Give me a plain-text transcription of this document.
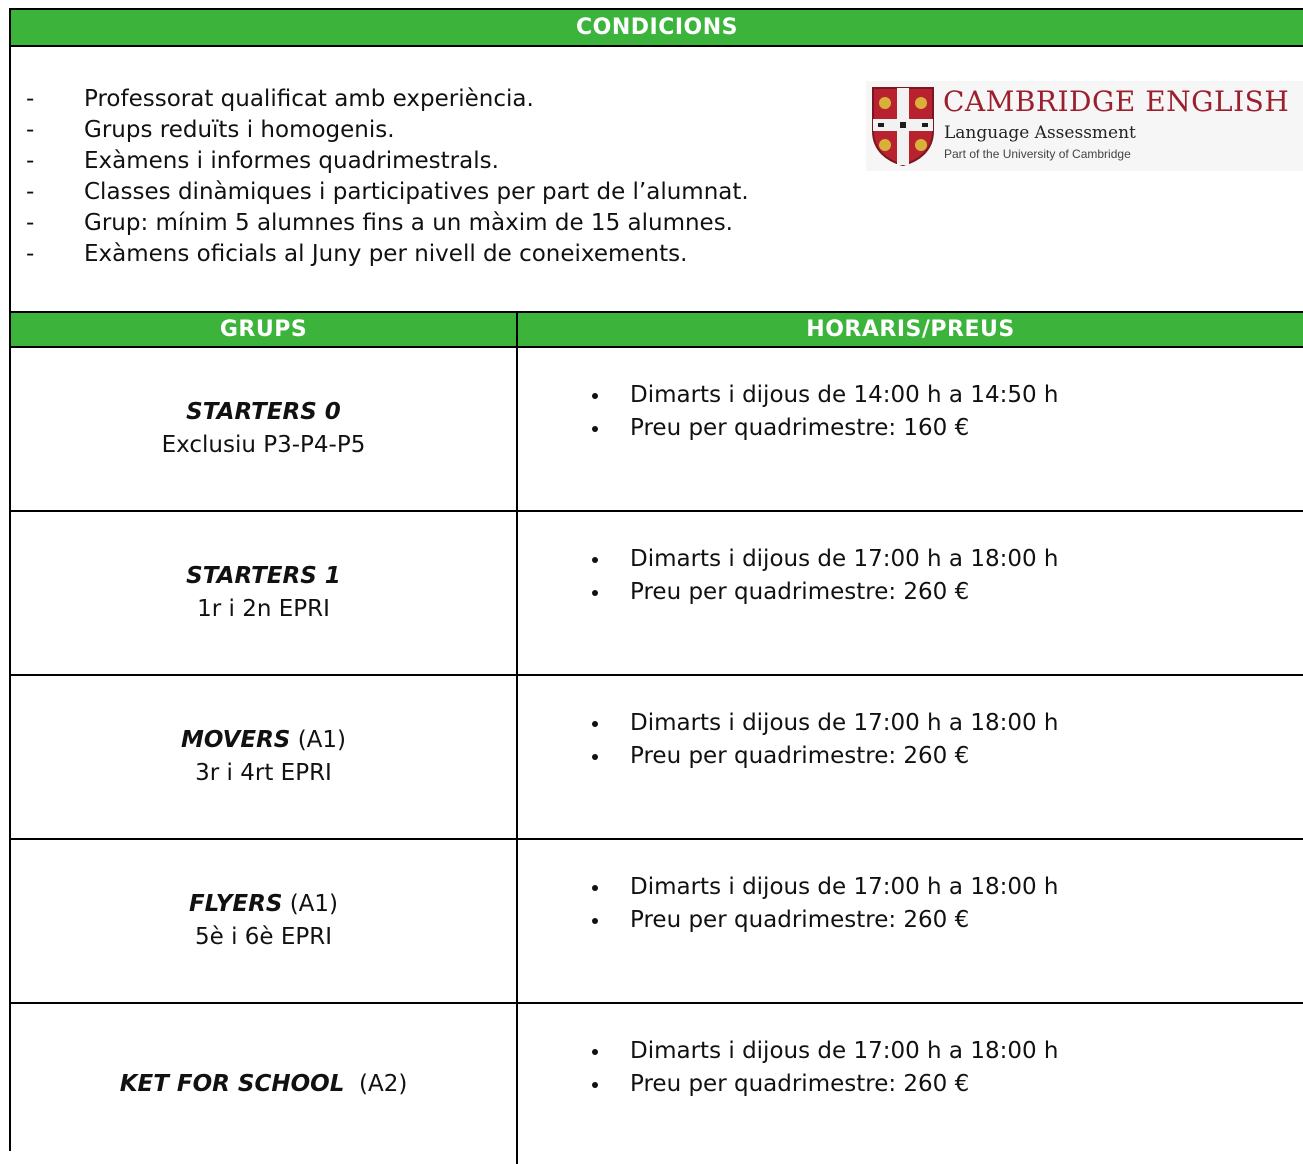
CONDICIONS
- Professorat qualificat amb experiència.
- Grups reduïts i homogenis.
- Exàmens i informes quadrimestrals.
- Classes dinàmiques i participatives per part de l’alumnat.
- Grup: mínim 5 alumnes fins a un màxim de 15 alumnes.
- Exàmens oficials al Juny per nivell de coneixements.
CAMBRIDGE ENGLISH
Language Assessment
Part of the University of Cambridge
GRUPS	HORARIS/PREUS
STARTERS 0
Exclusiu P3-P4-P5
Dimarts i dijous de 14:00 h a 14:50 h
Preu per quadrimestre: 160 €
STARTERS 1
1r i 2n EPRI
Dimarts i dijous de 17:00 h a 18:00 h
Preu per quadrimestre: 260 €
MOVERS (A1)
3r i 4rt EPRI
Dimarts i dijous de 17:00 h a 18:00 h
Preu per quadrimestre: 260 €
FLYERS (A1)
5è i 6è EPRI
Dimarts i dijous de 17:00 h a 18:00 h
Preu per quadrimestre: 260 €
KET FOR SCHOOL (A2)
Dimarts i dijous de 17:00 h a 18:00 h
Preu per quadrimestre: 260 €
